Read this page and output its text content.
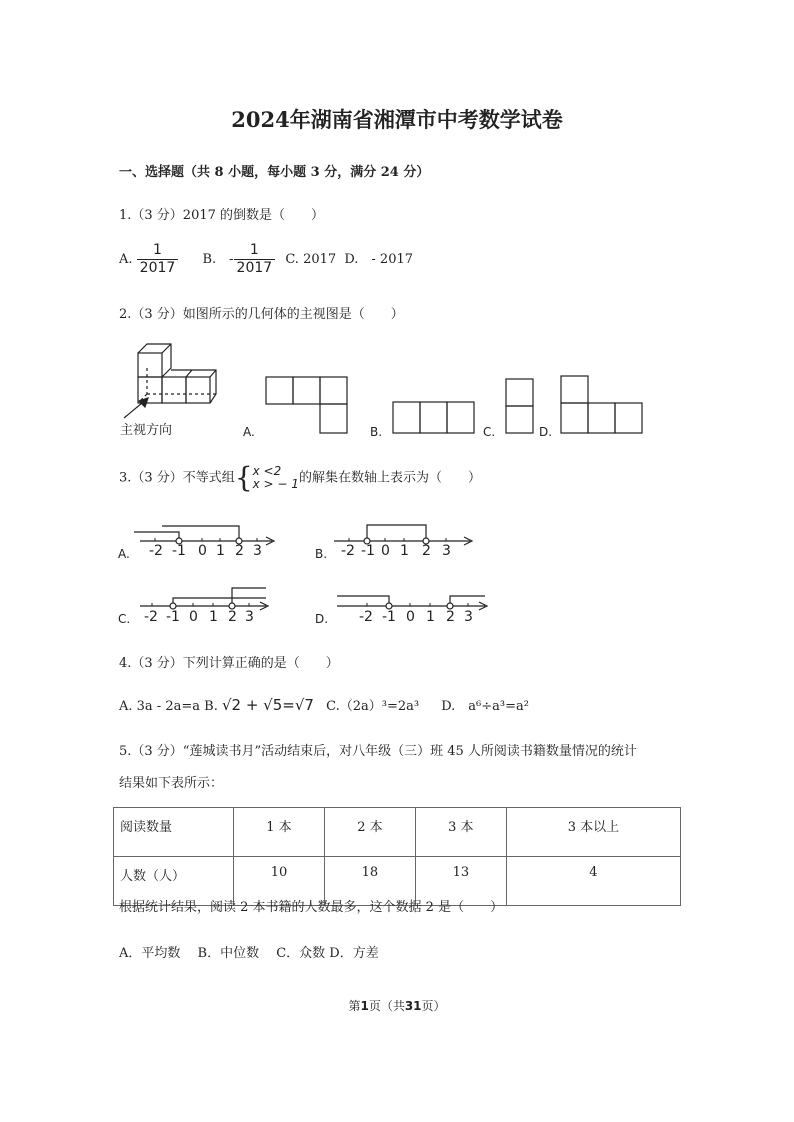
2024年湖南省湘潭市中考数学试卷
一、选择题（共 8 小题，每小题 3 分，满分 24 分）
1.（3 分）2017 的倒数是（　　）
A. $\frac{1}{2017} B$.　- $\frac{1}{2017} C$. 2017 D.　- 2017
2.（3 分）如图所示的几何体的主视图是（　　）
主视方向	A.	B.	C.	D.
3.（3 分）不等式组{ x <2
x > − 1 的解集在数轴上表示为（　　）
A.	B.
C.	D.
-2 -1 0 1 2 3	-2 -1 0 1 2 3
-2 -1 0 1 2 3	-2 -1 0 1 2 3
4.（3 分）下列计算正确的是（　　）
A. 3a - 2a=a B. √2 + √5=√7 C.（2a）³=2a³ D.　a⁶÷a³=a²
5.（3 分）“莲城读书月”活动结束后，对八年级（三）班 45 人所阅读书籍数量情况的统计
结果如下表所示：
阅读数量	1 本	2 本	3 本	3 本以上
人数（人）	10	18	13	4
根据统计结果，阅读 2 本书籍的人数最多，这个数据 2 是（　　）
A．平均数　 B．中位数　 C．众数 D．方差
第1页（共31页）
